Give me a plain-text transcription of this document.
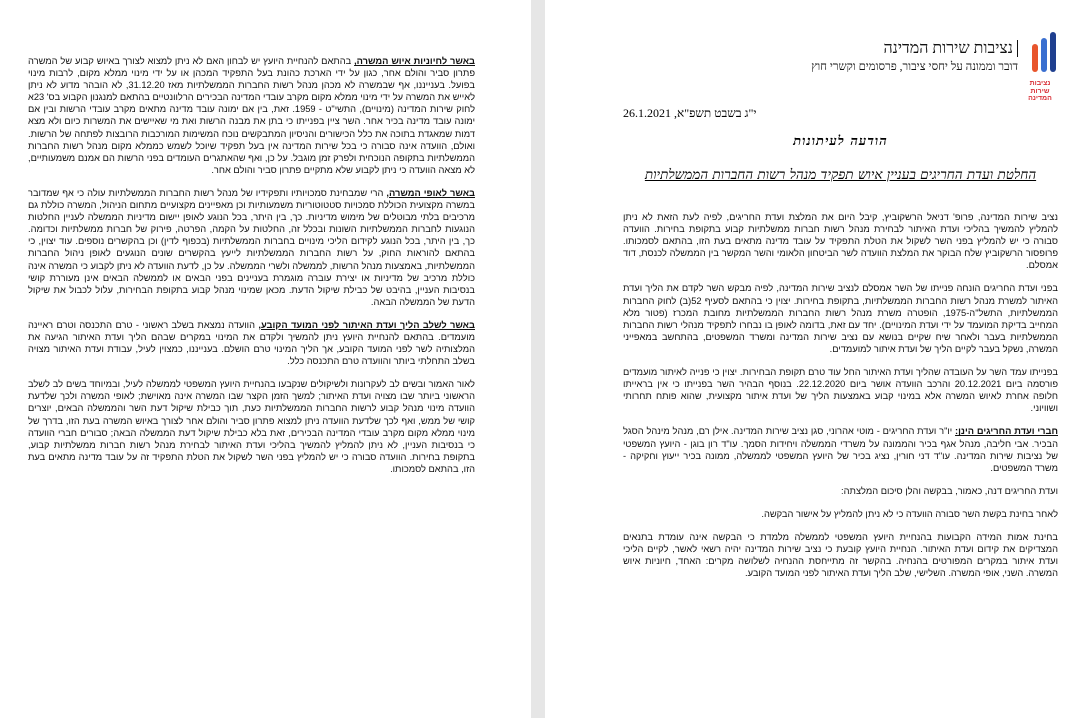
באשר לחיוניות איוש המשרה, בהתאם להנחיית היועץ יש לבחון האם לא ניתן למצוא לצורך באיוש קבוע של המשרה פתרון סביר והולם אחר, כגון על ידי הארכת כהונת בעל התפקיד המכהן או על ידי מינוי ממלא מקום, לרבות מינוי בפועל. בענייננו, אף שבמשרה לא מכהן מנהל רשות החברות הממשלתיות מאז 31.12.20, לא הובהר מדוע לא ניתן לאייש את המשרה על ידי מינוי ממלא מקום מקרב עובדי המדינה הבכירים הרלוונטיים בהתאם למנגנון הקבוע בס' 23א לחוק שירות המדינה (מינויים), התשי"ט - 1959. זאת, בין אם ימונה עובד מדינה מתאים מקרב עובדי הרשות ובין אם ימונה עובד מדינה בכיר אחר. השר ציין בפנייתו כי בתן את מבנה הרשות ואת מי שאיישים את המשרות כיום ולא מצא דמות שמאגדת בתוכה את כלל הכישורים והניסיון המתבקשים נוכח המשימות המורכבות הרובצות לפתחה של הרשות. ואולם, הוועדה אינה סבורה כי בכל שירות המדינה אין בעל תפקיד שיוכל לשמש כממלא מקום מנהל רשות החברות הממשלתיות בתקופה הנוכחית ולפרק זמן מוגבל. על כן, ואף שהאתגרים העומדים בפני הרשות הם אמנם משמעותיים, לא מצאה הוועדה כי ניתן לקבוע שלא מתקיים פתרון סביר והולם אחר.

באשר לאופי המשרה, הרי שמבחינת סמכויותיו ותפקידיו של מנהל רשות החברות הממשלתיות עולה כי אף שמדובר במשרה מקצועית הכוללת סמכויות סטטוטוריות משמעותיות וכן מאפיינים מקצועיים מתחום הניהול, המשרה כוללת גם מרכיבים בלתי מבוטלים של מימוש מדיניות. כך, בין היתר, בכל הנוגע לאופן יישום מדיניות הממשלה לעניין החלטות הנוגעות לחברות הממשלתיות השונות ובכלל זה, החלטות על הקמה, הפרטה, פירוק של חברות ממשלתיות וכדומה. כך, בין היתר, בכל הנוגע לקידום הליכי מינויים בחברות הממשלתיות (בכפוף לדין) וכן בהקשרים נוספים. עוד יצוין, כי בהתאם להוראות החוק, על רשות החברות הממשלתיות לייעץ בהקשרים שונים הנוגעים לאופן ניהול החברות הממשלתיות, באמצעות מנהל הרשות, לממשלה ולשרי הממשלה. על כן, לדעת הוועדה לא ניתן לקבוע כי המשרה אינה כוללת מרכיב של מדיניות או יצירת עוברה מוגמרת בעניינים בפני הבאים או לממשלה הבאים אינן מעוררת קושי בנסיבות העניין, בהיבט של כבילת שיקול הדעת. מכאן שמינוי מנהל קבוע בתקופת הבחירות, עלול לכבול את שיקול הדעת של הממשלה הבאה.

באשר לשלב הליך ועדת האיתור לפני המועד הקובע, הוועדה נמצאת בשלב ראשוני - טרם התכנסה וטרם ראיינה מועמדים. בהתאם להנחיית היועץ ניתן להמשיך ולקדם את המינוי במקרים שבהם הליך ועדת האיתור הגיעה את המלצותיה לשר לפני המועד הקובע, אך הליך המינוי טרם הושלם. בענייננו, כמצוין לעיל, עבודת ועדת האיתור מצויה בשלב התחלתי ביותר והוועדה טרם התכנסה כלל.

לאור האמור ובשים לב לעקרונות ולשיקולים שנקבעו בהנחיית היועץ המשפטי לממשלה לעיל, ובמיוחד בשים לב לשלב הראשוני ביותר שבו מצויה ועדת האיתור; למשך הזמן הקצר שבו המשרה אינה מאוישת; לאופי המשרה ולכך שלדעת הוועדה מינוי מנהל קבוע לרשות החברות הממשלתיות כעת, תוך כבילת שיקול דעת השר והממשלה הבאים, יוצרים קושי של ממש, ואף לכך שלדעת הוועדה ניתן למצוא פתרון סביר והולם אחר לצורך באיוש המשרה בעת הזו, בדרך של מינוי ממלא מקום מקרב עובדי המדינה הבכירים, זאת בלא כבילת שיקול דעת הממשלה הבאה; סבורים חברי הוועדה כי בנסיבות העניין, לא ניתן להמליץ להמשיך בהליכי ועדת האיתור לבחירת מנהל רשות חברות ממשלתיות קבוע, בתקופת בחירות. הוועדה סבורה כי יש להמליץ בפני השר לשקול את הטלת התפקיד זה על עובד מדינה מתאים בעת הזו, בהתאם לסמכותו.

נציבות שירות המדינה
נציבות שירות המדינה
דובר וממונה על יחסי ציבור, פרסומים וקשרי חוץ
י"ג בשבט תשפ"א, 26.1.2021
הודעה לעיתונות
החלטת ועדת החריגים בעניין איוש תפקיד מנהל רשות החברות הממשלתיות

נציב שירות המדינה, פרופ' דניאל הרשקוביץ, קיבל היום את המלצת ועדת החריגים, לפיה לעת הזאת לא ניתן להמליץ להמשיך בהליכי ועדת האיתור לבחירת מנהל רשות חברות ממשלתיות קבוע בתקופת בחירות. הוועדה סבורה כי יש להמליץ בפני השר לשקול את הטלת התפקיד על עובד מדינה מתאים בעת הזו, בהתאם לסמכותו. פרופסור הרשקוביץ שלח הבוקר את המלצת הוועדה לשר הביטחון הלאומי והשר המקשר בין הממשלה לכנסת, דוד אמסלם.

בפני ועדת החריגים הונחה פנייתו של השר אמסלם לנציב שירות המדינה, לפיה מבקש השר לקדם את הליך ועדת האיתור למשרת מנהל רשות החברות הממשלתיות, בתקופת בחירות. יצוין כי בהתאם לסעיף 52(ב) לחוק החברות הממשלתיות, התשל"ה-1975, הופטרה משרת מנהל רשות החברות הממשלתיות מחובת המכרז (פטור מלא המחייב בדיקת המועמד על ידי ועדת המינויים). יחד עם זאת, בדומה לאופן בו נבחרו לתפקיד מנהלי רשות החברות הממשלתיות בעבר ולאחר שיח שקיים בנושא עם נציב שירות המדינה ומשרד המשפטים, בהתחשב במאפייני המשרה, נשקל בעבר לקיים הליך של ועדת איתור למועמדים.

בפנייתו עמד השר על העובדה שהליך ועדת האיתור החל עוד טרם תקופת הבחירות. יצוין כי פנייה לאיתור מועמדים פורסמה ביום 20.12.2021 והרכב הוועדה אושר ביום 22.12.2020. בנוסף הבהיר השר בפנייתו כי אין בראייתו חלופה אחרת לאיוש המשרה אלא במינוי קבוע באמצעות הליך של ועדת איתור מקצועית, שהוא פותח תחרותי ושוויוני.

חברי ועדת החריגים הינן: יו"ר ועדת החריגים - מוטי אהרוני, סגן נציב שירות המדינה. אילן רם, מנהל מינהל הסגל הבכיר. אבי חליבה, מנהל אגף בכיר והממונה על משרדי הממשלה ויחידות הסמך. עו"ד רון בוגן - היועץ המשפטי של נציבות שירות המדינה. עו"ד דני חורין, נציג בכיר של היועץ המשפטי לממשלה, ממונה בכיר ייעוץ וחקיקה - משרד המשפטים.

ועדת החריגים דנה, כאמור, בבקשה והלן סיכום המלצתה:

לאחר בחינת בקשת השר סבורה הוועדה כי לא ניתן להמליץ על אישור הבקשה.

בחינת אמות המידה הקבועות בהנחיית היועץ המשפטי לממשלה מלמדת כי הבקשה אינה עומדת בתנאים המצדיקים את קידום ועדת האיתור. הנחיית היועץ קובעת כי נציב שירות המדינה יהיה רשאי לאשר, לקיים הליכי ועדת איתור במקרים המפורטים בהנחיה. בהקשר זה מתייחסת ההנחיה לשלושה מקרים: האחד, חיוניות איוש המשרה. השני, אופי המשרה. השלישי, שלב הליך ועדת האיתור לפני המועד הקובע.
